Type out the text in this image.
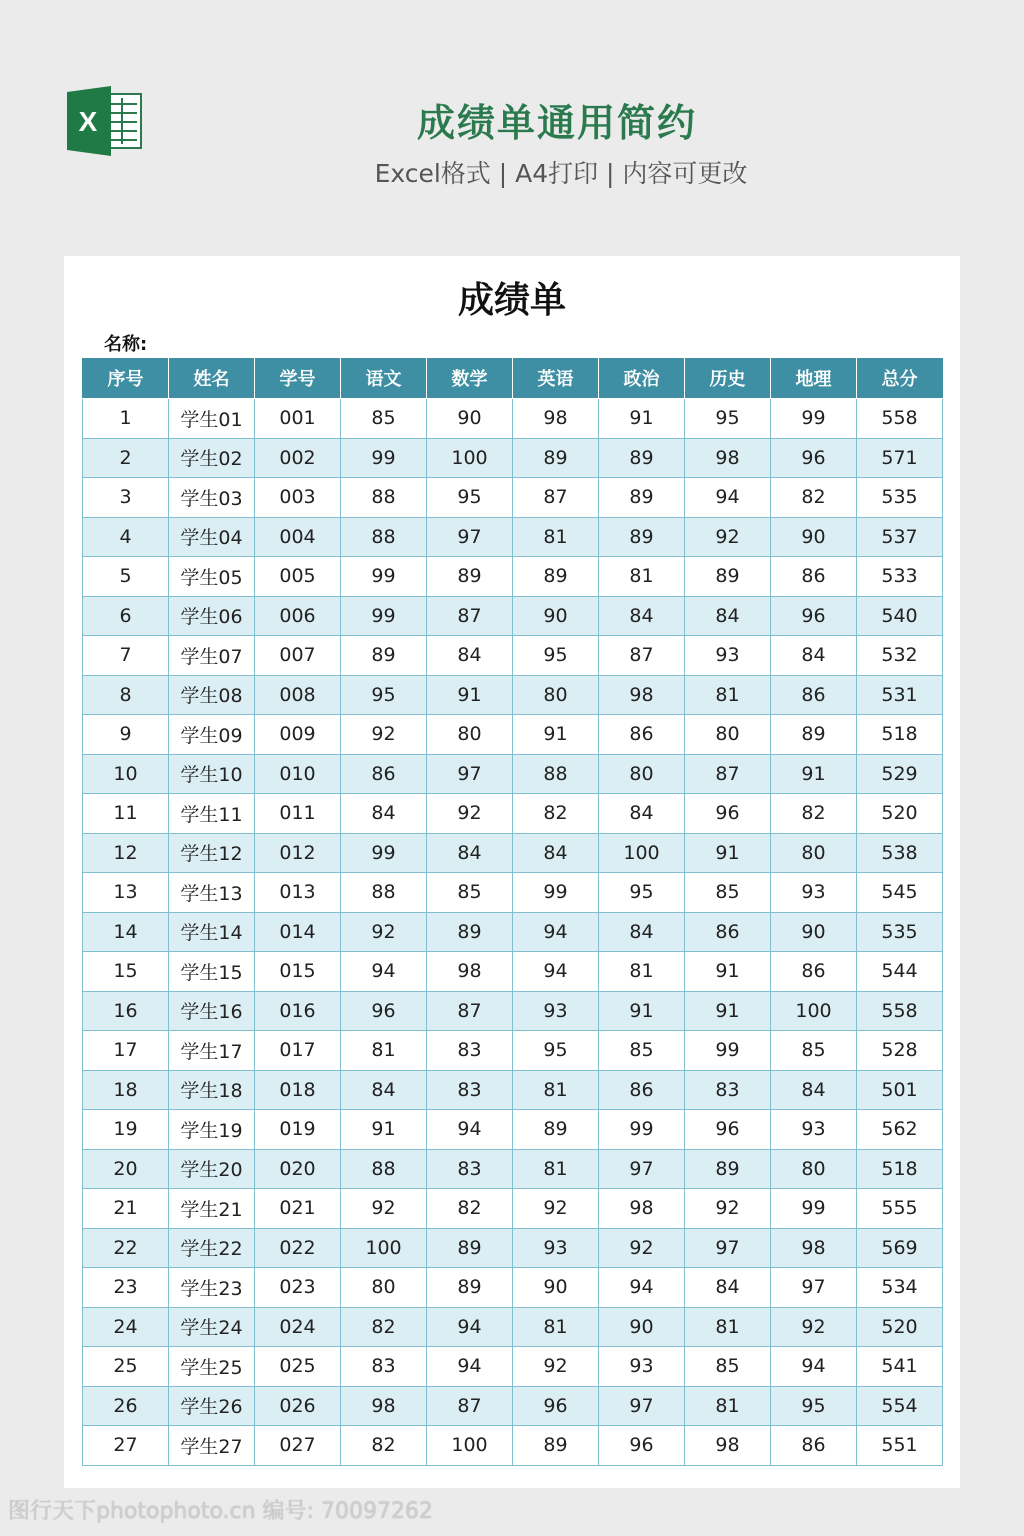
X	成绩单通用简约
Excel格式 | A4打印 | 内容可更改
成绩单
名称:
序号	姓名	学号	语文	数学	英语	政治	历史	地理	总分
1	学生01	001	85	90	98	91	95	99	558
2	学生02	002	99	100	89	89	98	96	571
3	学生03	003	88	95	87	89	94	82	535
4	学生04	004	88	97	81	89	92	90	537
5	学生05	005	99	89	89	81	89	86	533
6	学生06	006	99	87	90	84	84	96	540
7	学生07	007	89	84	95	87	93	84	532
8	学生08	008	95	91	80	98	81	86	531
9	学生09	009	92	80	91	86	80	89	518
10	学生10	010	86	97	88	80	87	91	529
11	学生11	011	84	92	82	84	96	82	520
12	学生12	012	99	84	84	100	91	80	538
13	学生13	013	88	85	99	95	85	93	545
14	学生14	014	92	89	94	84	86	90	535
15	学生15	015	94	98	94	81	91	86	544
16	学生16	016	96	87	93	91	91	100	558
17	学生17	017	81	83	95	85	99	85	528
18	学生18	018	84	83	81	86	83	84	501
19	学生19	019	91	94	89	99	96	93	562
20	学生20	020	88	83	81	97	89	80	518
21	学生21	021	92	82	92	98	92	99	555
22	学生22	022	100	89	93	92	97	98	569
23	学生23	023	80	89	90	94	84	97	534
24	学生24	024	82	94	81	90	81	92	520
25	学生25	025	83	94	92	93	85	94	541
26	学生26	026	98	87	96	97	81	95	554
27	学生27	027	82	100	89	96	98	86	551
图行天下photophoto.cn 编号: 70097262
